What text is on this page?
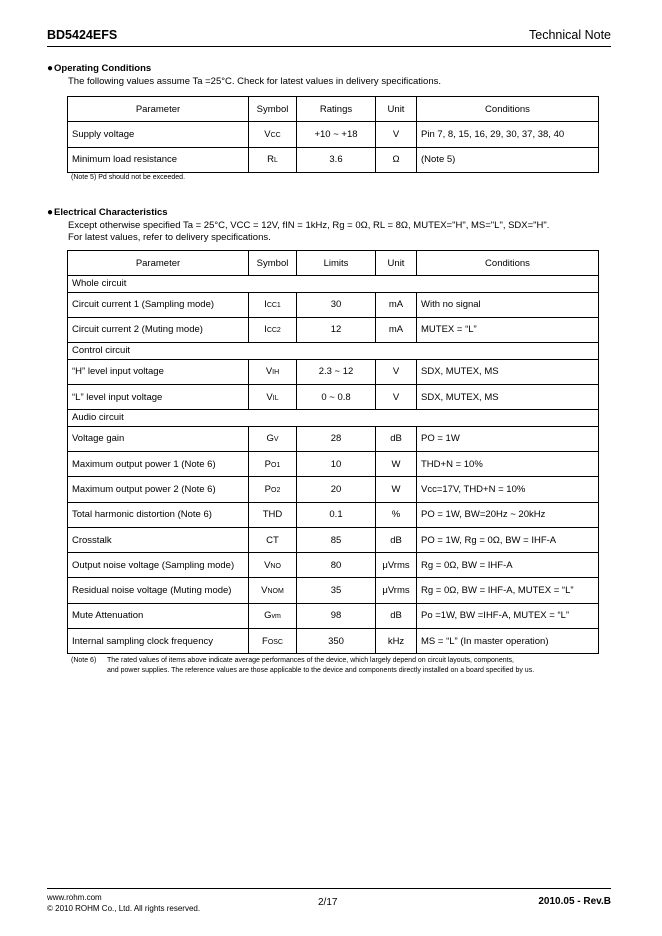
BD5424EFS	Technical Note
●Operating Conditions
The following values assume Ta =25°C. Check for latest values in delivery specifications.
Parameter	Symbol	Ratings	Unit	Conditions
Supply voltage	VCC	+10 ~ +18	V	Pin 7, 8, 15, 16, 29, 30, 37, 38, 40
Minimum load resistance	RL	3.6	Ω	(Note 5)
(Note 5) Pd should not be exceeded.
●Electrical Characteristics
Except otherwise specified Ta = 25°C, VCC = 12V, fIN = 1kHz, Rg = 0Ω, RL = 8Ω, MUTEX="H", MS="L", SDX="H".
For latest values, refer to delivery specifications.
Parameter	Symbol	Limits	Unit	Conditions
Whole circuit				
Circuit current 1 (Sampling mode)	ICC1	30	mA	With no signal
Circuit current 2 (Muting mode)	ICC2	12	mA	MUTEX = “L”
Control circuit				
“H” level input voltage	VIH	2.3 ~ 12	V	SDX, MUTEX, MS
“L” level input voltage	VIL	0 ~ 0.8	V	SDX, MUTEX, MS
Audio circuit				
Voltage gain	GV	28	dB	PO = 1W
Maximum output power 1 (Note 6)	PO1	10	W	THD+N = 10%
Maximum output power 2 (Note 6)	PO2	20	W	Vcc=17V, THD+N = 10%
Total harmonic distortion (Note 6)	THD	0.1	%	PO = 1W, BW=20Hz ~ 20kHz
Crosstalk	CT	85	dB	PO = 1W, Rg = 0Ω, BW = IHF-A
Output noise voltage (Sampling mode)	VNO	80	μVrms	Rg = 0Ω, BW = IHF-A
Residual noise voltage (Muting mode)	VNOM	35	μVrms	Rg = 0Ω, BW = IHF-A, MUTEX = “L”
Mute Attenuation	Gvm	98	dB	Po =1W, BW =IHF-A, MUTEX = “L”
Internal sampling clock frequency	FOSC	350	kHz	MS = “L” (In master operation)
(Note 6) The rated values of items above indicate average performances of the device, which largely depend on circuit layouts, components,
and power supplies. The reference values are those applicable to the device and components directly installed on a board specified by us.
www.rohm.com
© 2010 ROHM Co., Ltd. All rights reserved.
2/17	2010.05 - Rev.B
